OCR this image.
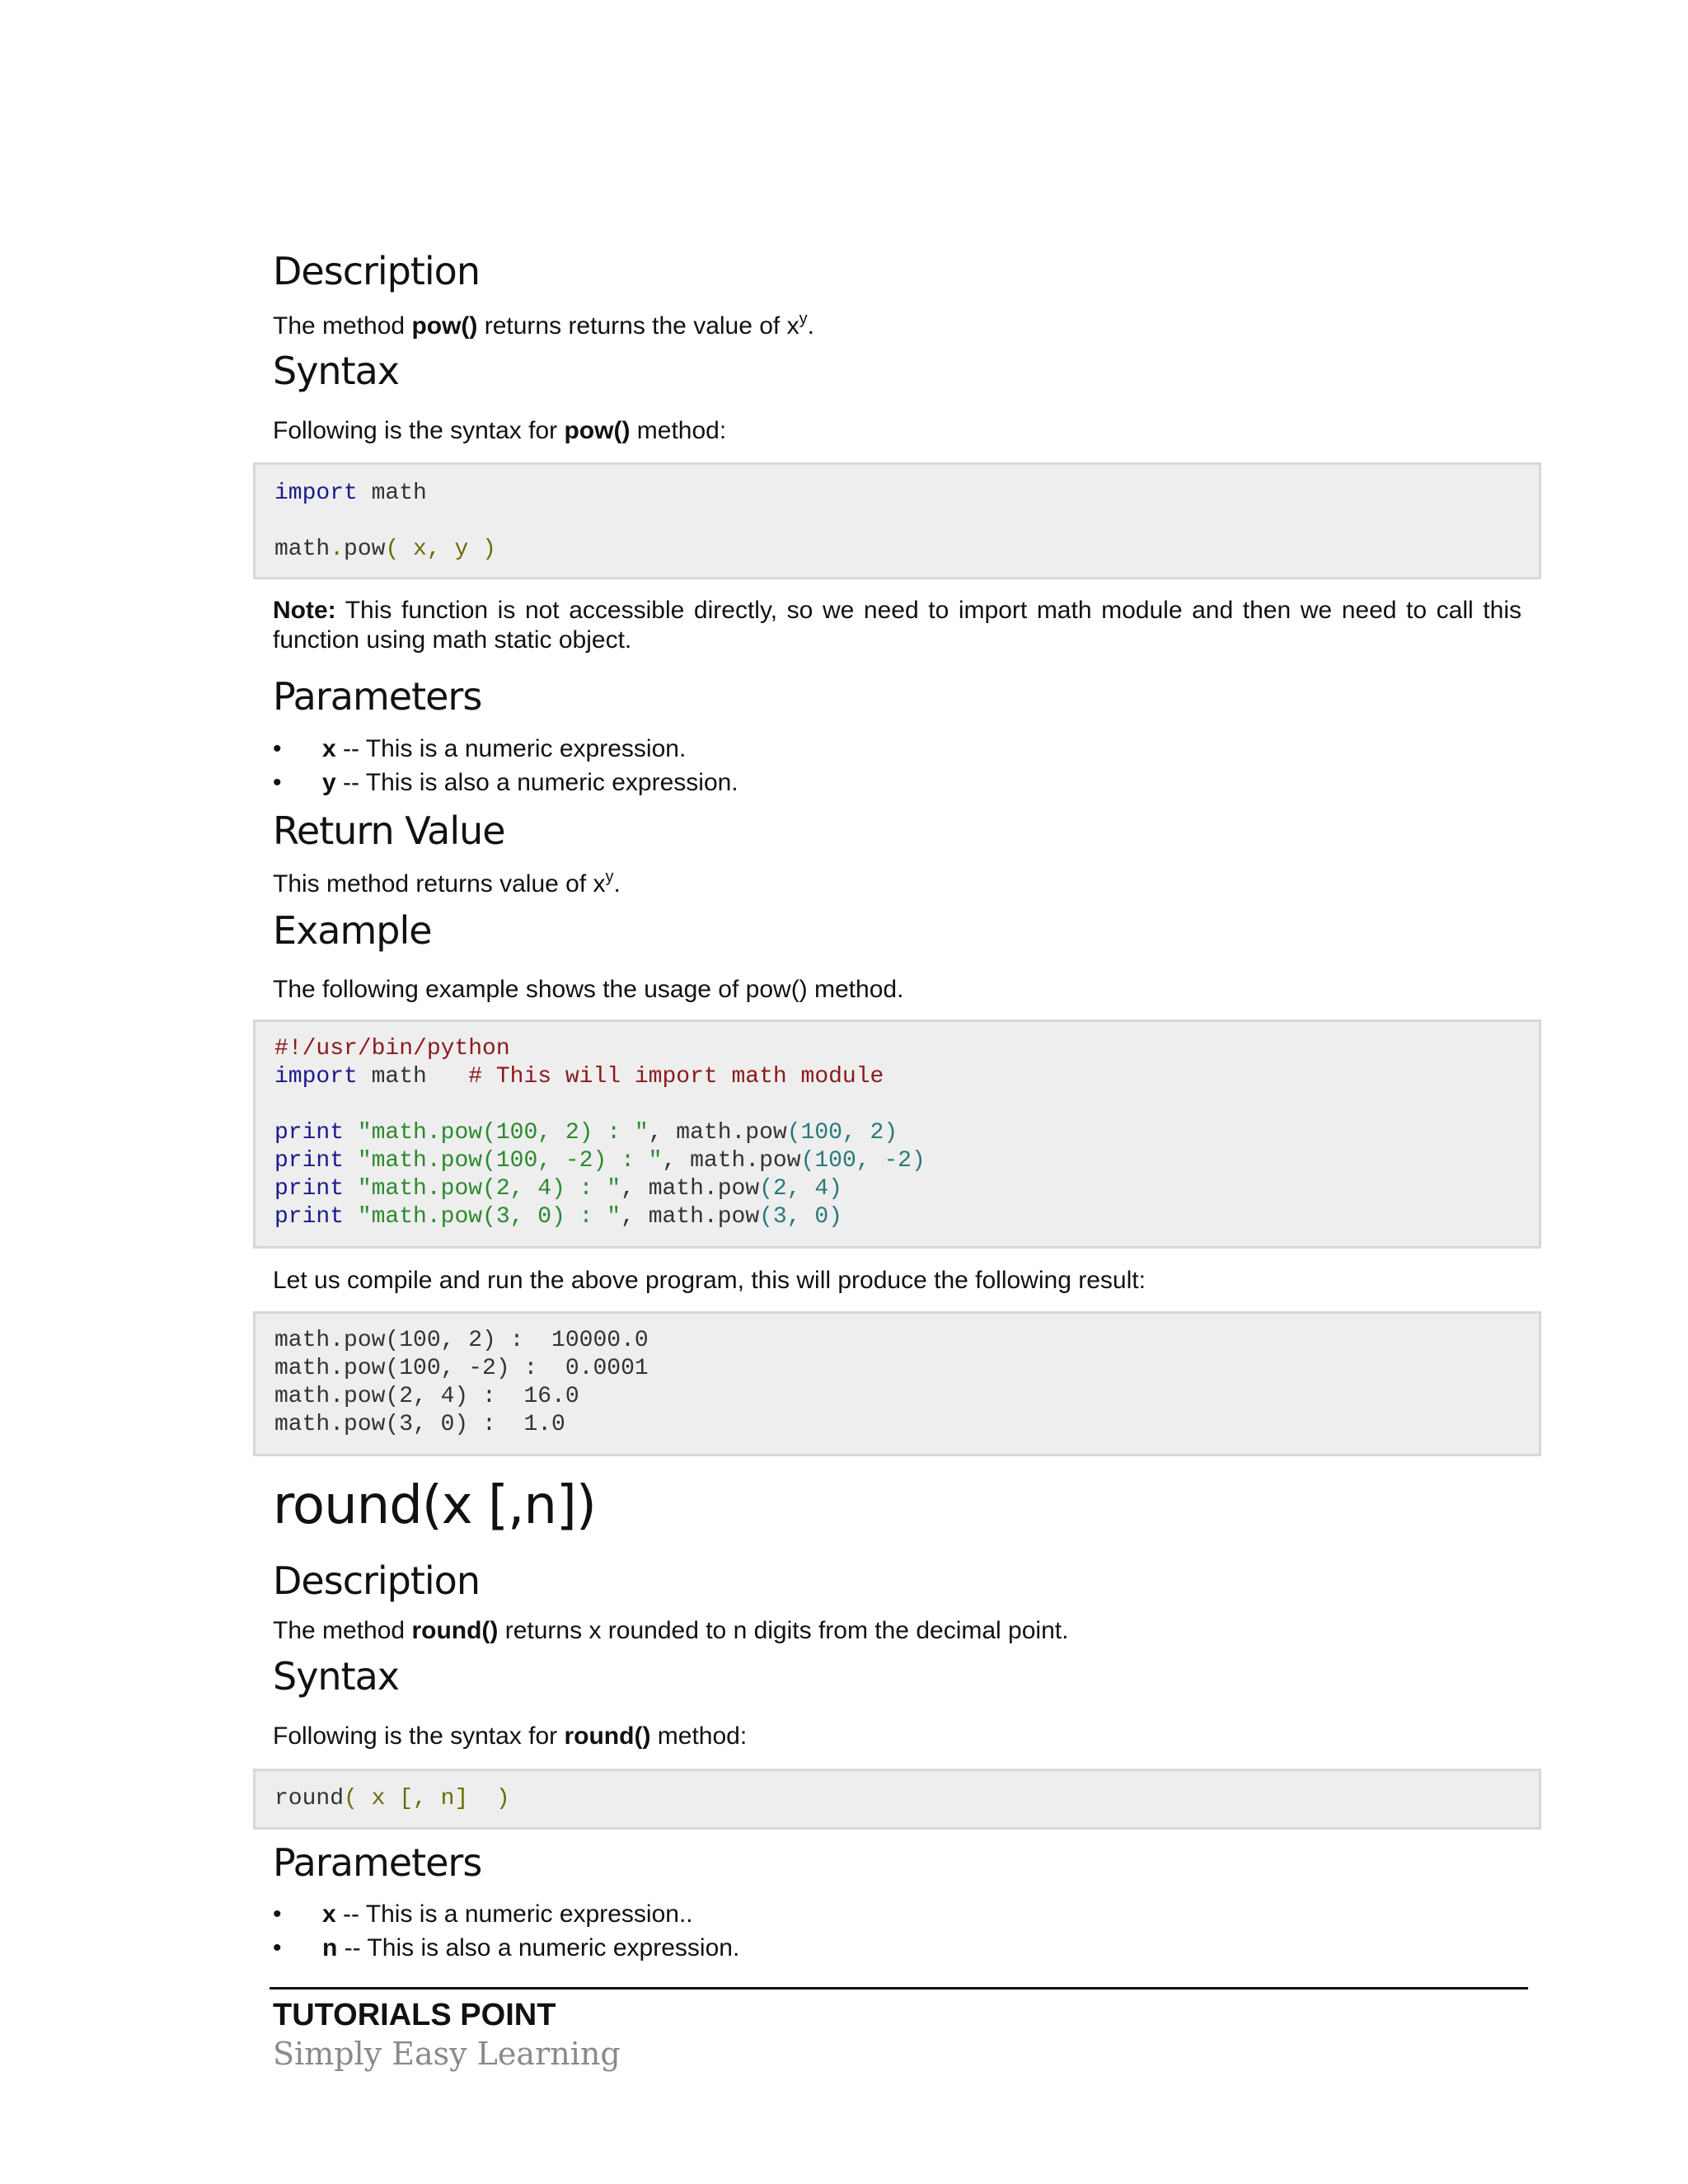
Description

The method pow() returns returns the value of $x^y$.

Syntax

Following is the syntax for pow() method:

import math
math.pow( x, y )

Note: This function is not accessible directly, so we need to import math module and then we need to call this function using math static object.

Parameters
• x -- This is a numeric expression.
• y -- This is also a numeric expression.
Return Value

This method returns value of $x^y$.

Example

The following example shows the usage of pow() method.

#!/usr/bin/python
import math   # This will import math module
print "math.pow(100, 2) : ", math.pow(100, 2)
print "math.pow(100, -2) : ", math.pow(100, -2)
print "math.pow(2, 4) : ", math.pow(2, 4)
print "math.pow(3, 0) : ", math.pow(3, 0)

Let us compile and run the above program, this will produce the following result:

math.pow(100, 2) :  10000.0
math.pow(100, -2) :  0.0001
math.pow(2, 4) :  16.0
math.pow(3, 0) :  1.0
round(x [,n])
Description

The method round() returns x rounded to n digits from the decimal point.

Syntax

Following is the syntax for round() method:

round( x [, n]  )
Parameters
• x -- This is a numeric expression..
• n -- This is also a numeric expression.
TUTORIALS POINT
Simply Easy Learning
